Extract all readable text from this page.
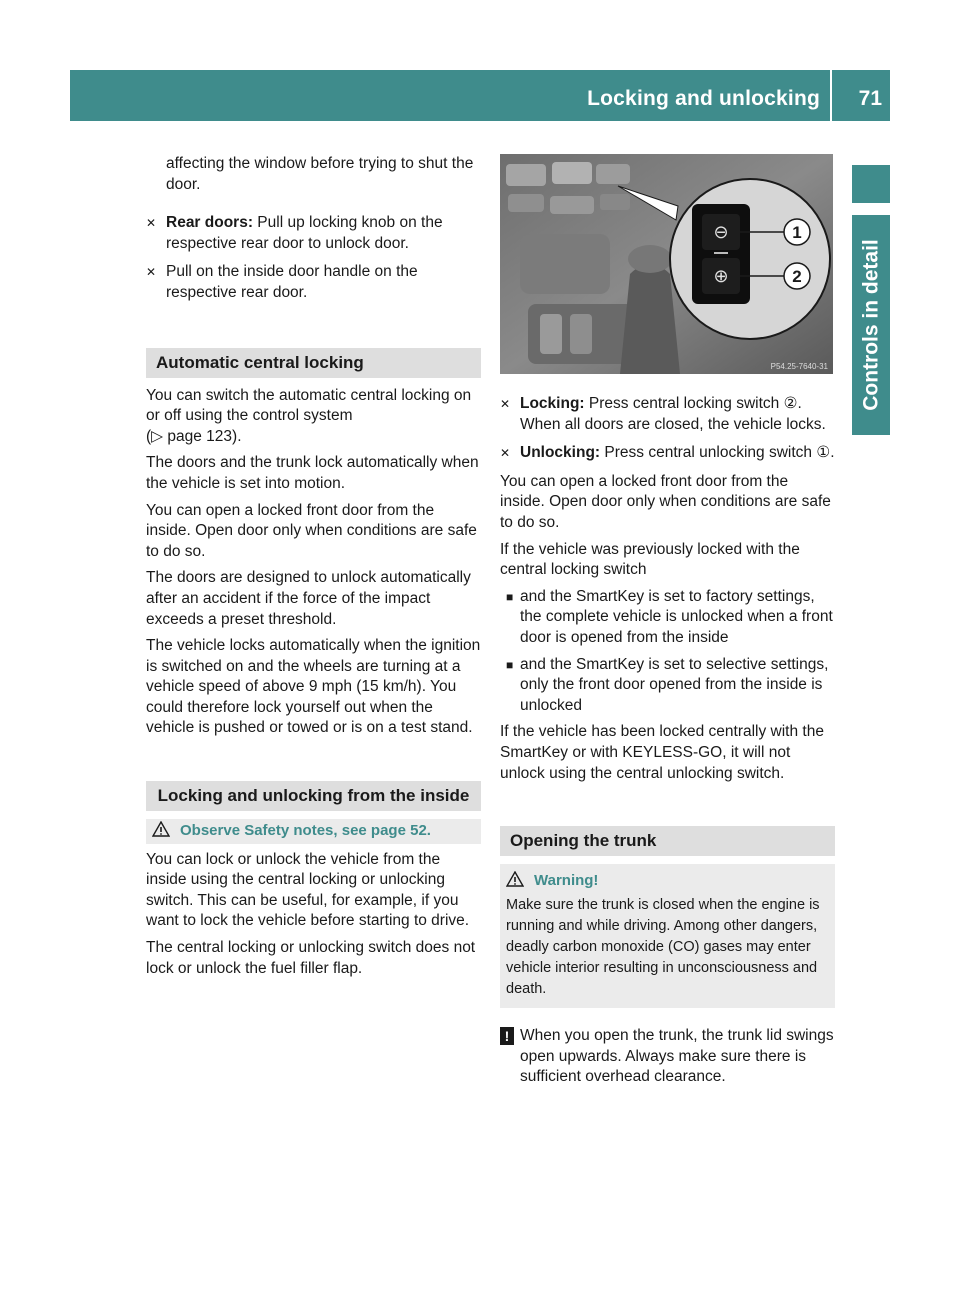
Locking and unlocking 71
Controls in detail
affecting the window before trying to shut the door.
✕ Rear doors: Pull up locking knob on the respective rear door to unlock door.
✕ Pull on the inside door handle on the respective rear door.
Automatic central locking
You can switch the automatic central locking on or off using the control system
(▷ page 123).
The doors and the trunk lock automatically when the vehicle is set into motion.
You can open a locked front door from the inside. Open door only when conditions are safe to do so.
The doors are designed to unlock automatically after an accident if the force of the impact exceeds a preset threshold.
The vehicle locks automatically when the ignition is switched on and the wheels are turning at a vehicle speed of above 9 mph (15 km/h). You could therefore lock yourself out when the vehicle is pushed or towed or is on a test stand.
Locking and unlocking from the inside
Observe Safety notes, see page 52.
You can lock or unlock the vehicle from the inside using the central locking or unlocking switch. This can be useful, for example, if you want to lock the vehicle before starting to drive.
The central locking or unlocking switch does not lock or unlock the fuel filler flap.
⊖
⊕
1
2
P54.25-7640-31
✕ Locking: Press central locking switch ②. When all doors are closed, the vehicle locks.
✕ Unlocking: Press central unlocking switch ①.
You can open a locked front door from the inside. Open door only when conditions are safe to do so.
If the vehicle was previously locked with the central locking switch
■ and the SmartKey is set to factory settings, the complete vehicle is unlocked when a front door is opened from the inside
■ and the SmartKey is set to selective settings, only the front door opened from the inside is unlocked
If the vehicle has been locked centrally with the SmartKey or with KEYLESS-GO, it will not unlock using the central unlocking switch.
Opening the trunk
Warning!
Make sure the trunk is closed when the engine is running and while driving. Among other dangers, deadly carbon monoxide (CO) gases may enter vehicle interior resulting in unconsciousness and death.
! When you open the trunk, the trunk lid swings open upwards. Always make sure there is sufficient overhead clearance.
